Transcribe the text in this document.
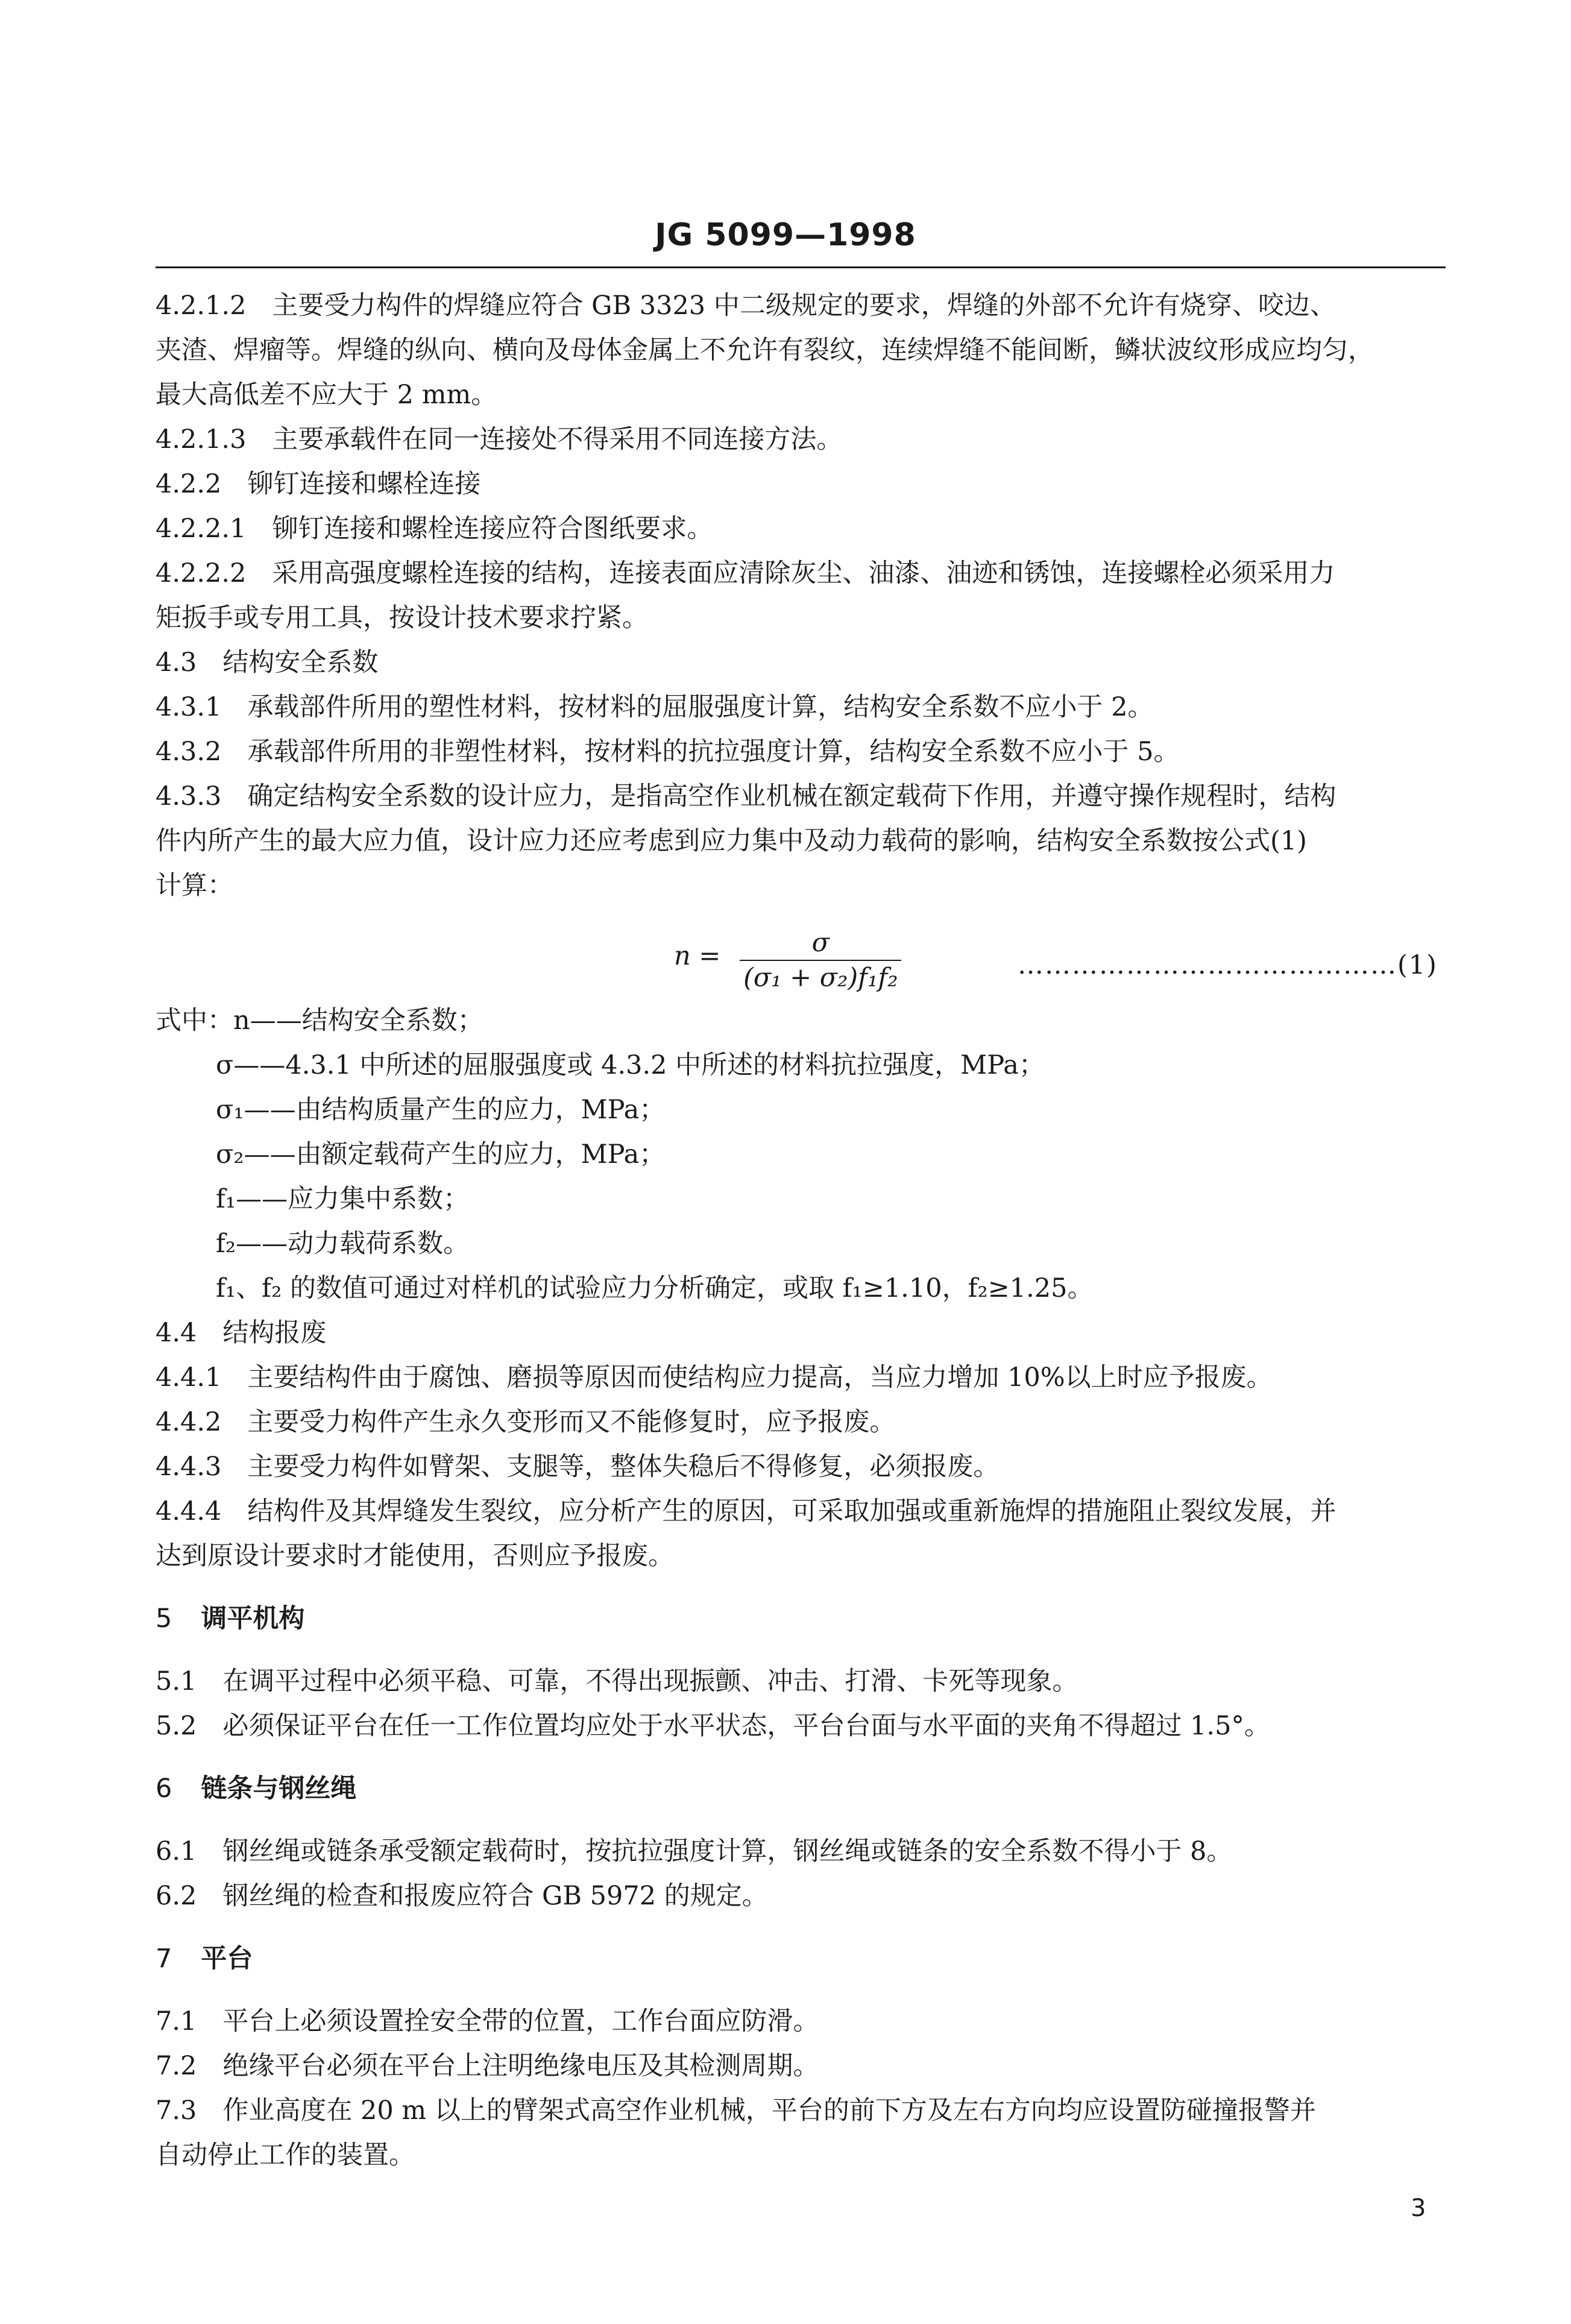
JG 5099—1998
4.2.1.2　主要受力构件的焊缝应符合 GB 3323 中二级规定的要求，焊缝的外部不允许有烧穿、咬边、
夹渣、焊瘤等。焊缝的纵向、横向及母体金属上不允许有裂纹，连续焊缝不能间断，鳞状波纹形成应均匀，
最大高低差不应大于 2 mm。
4.2.1.3　主要承载件在同一连接处不得采用不同连接方法。
4.2.2　铆钉连接和螺栓连接
4.2.2.1　铆钉连接和螺栓连接应符合图纸要求。
4.2.2.2　采用高强度螺栓连接的结构，连接表面应清除灰尘、油漆、油迹和锈蚀，连接螺栓必须采用力
矩扳手或专用工具，按设计技术要求拧紧。
4.3　结构安全系数
4.3.1　承载部件所用的塑性材料，按材料的屈服强度计算，结构安全系数不应小于 2。
4.3.2　承载部件所用的非塑性材料，按材料的抗拉强度计算，结构安全系数不应小于 5。
4.3.3　确定结构安全系数的设计应力，是指高空作业机械在额定载荷下作用，并遵守操作规程时，结构
件内所产生的最大应力值，设计应力还应考虑到应力集中及动力载荷的影响，结构安全系数按公式(1)
计算：
$n = \frac{\sigma}{\text{(σ₁ + σ₂)f₁f₂}}$	……………………………………(1)
式中：n——结构安全系数；
σ——4.3.1 中所述的屈服强度或 4.3.2 中所述的材料抗拉强度，MPa；
σ₁——由结构质量产生的应力，MPa；
σ₂——由额定载荷产生的应力，MPa；
f₁——应力集中系数；
f₂——动力载荷系数。
f₁、f₂ 的数值可通过对样机的试验应力分析确定，或取 f₁≥1.10，f₂≥1.25。
4.4　结构报废
4.4.1　主要结构件由于腐蚀、磨损等原因而使结构应力提高，当应力增加 10%以上时应予报废。
4.4.2　主要受力构件产生永久变形而又不能修复时，应予报废。
4.4.3　主要受力构件如臂架、支腿等，整体失稳后不得修复，必须报废。
4.4.4　结构件及其焊缝发生裂纹，应分析产生的原因，可采取加强或重新施焊的措施阻止裂纹发展，并
达到原设计要求时才能使用，否则应予报废。
5 调平机构
5.1　在调平过程中必须平稳、可靠，不得出现振颤、冲击、打滑、卡死等现象。
5.2　必须保证平台在任一工作位置均应处于水平状态，平台台面与水平面的夹角不得超过 1.5°。
6 链条与钢丝绳
6.1　钢丝绳或链条承受额定载荷时，按抗拉强度计算，钢丝绳或链条的安全系数不得小于 8。
6.2　钢丝绳的检查和报废应符合 GB 5972 的规定。
7 平台
7.1　平台上必须设置拴安全带的位置，工作台面应防滑。
7.2　绝缘平台必须在平台上注明绝缘电压及其检测周期。
7.3　作业高度在 20 m 以上的臂架式高空作业机械，平台的前下方及左右方向均应设置防碰撞报警并
自动停止工作的装置。
3
